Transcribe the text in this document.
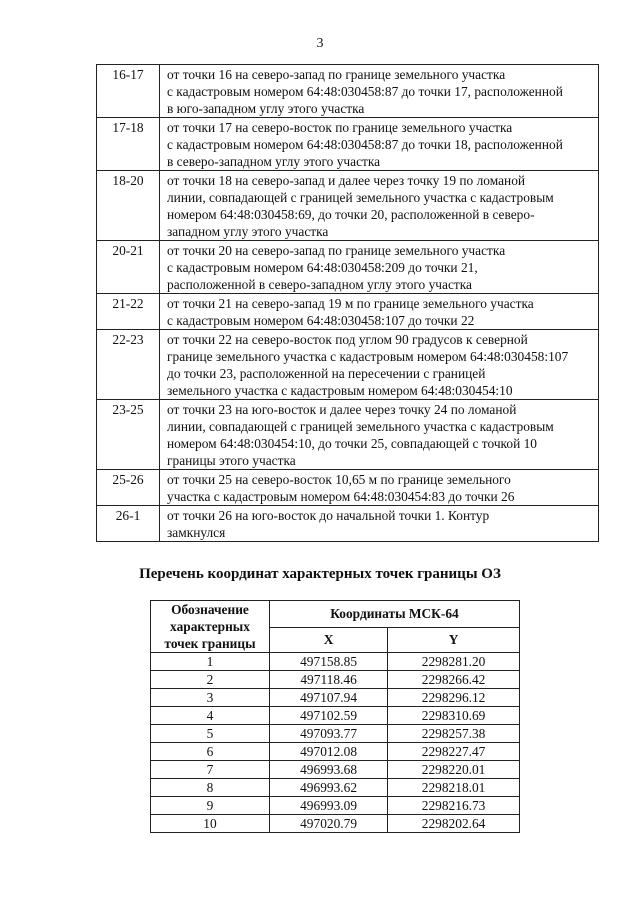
3
16-17	от точки 16 на северо-запад по границе земельного участка
с кадастровым номером 64:48:030458:87 до точки 17, расположенной
в юго-западном углу этого участка

17-18	от точки 17 на северо-восток по границе земельного участка
с кадастровым номером 64:48:030458:87 до точки 18, расположенной
в северо-западном углу этого участка

18-20	от точки 18 на северо-запад и далее через точку 19 по ломаной
линии, совпадающей с границей земельного участка с кадастровым
номером 64:48:030458:69, до точки 20, расположенной в северо-
западном углу этого участка

20-21	от точки 20 на северо-запад по границе земельного участка
с кадастровым номером 64:48:030458:209 до точки 21,
расположенной в северо-западном углу этого участка

21-22	от точки 21 на северо-запад 19 м по границе земельного участка
с кадастровым номером 64:48:030458:107 до точки 22

22-23	от точки 22 на северо-восток под углом 90 градусов к северной
границе земельного участка с кадастровым номером 64:48:030458:107
до точки 23, расположенной на пересечении с границей
земельного участка с кадастровым номером 64:48:030454:10

23-25	от точки 23 на юго-восток и далее через точку 24 по ломаной
линии, совпадающей с границей земельного участка с кадастровым
номером 64:48:030454:10, до точки 25, совпадающей с точкой 10
границы этого участка

25-26	от точки 25 на северо-восток 10,65 м по границе земельного
участка с кадастровым номером 64:48:030454:83 до точки 26

26-1	от точки 26 на юго-восток до начальной точки 1. Контур
замкнулся
Перечень координат характерных точек границы ОЗ
Обозначение
характерных
точек границы	Координаты МСК-64	
	X	Y
1	497158.85	2298281.20
2	497118.46	2298266.42
3	497107.94	2298296.12
4	497102.59	2298310.69
5	497093.77	2298257.38
6	497012.08	2298227.47
7	496993.68	2298220.01
8	496993.62	2298218.01
9	496993.09	2298216.73
10	497020.79	2298202.64
